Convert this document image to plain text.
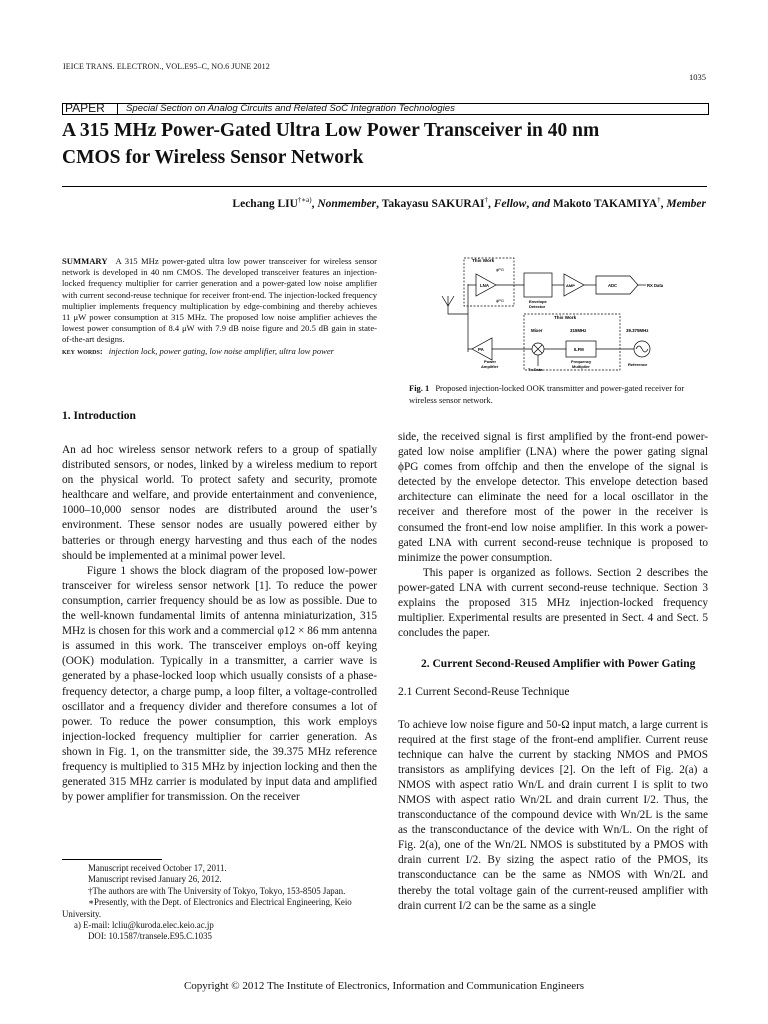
IEICE TRANS. ELECTRON., VOL.E95–C, NO.6 JUNE 2012
1035
PAPER Special Section on Analog Circuits and Related SoC Integration Technologies
A 315 MHz Power-Gated Ultra Low Power Transceiver in 40 nm
CMOS for Wireless Sensor Network
Lechang $LIU^{\dagger∗a)}$, Nonmember, Takayasu SAKURAI†, Fellow, and Makoto TAKAMIYA†, Member
SUMMARY A 315 MHz power-gated ultra low power transceiver for wireless sensor network is developed in 40 nm CMOS. The developed transceiver features an injection-locked frequency multiplier for carrier generation and a power-gated low noise amplifier with current second-reuse technique for receiver front-end. The injection-locked frequency multiplier implements frequency multiplication by edge-combining and thereby achieves 11 μW power consumption at 315 MHz. The proposed low noise amplifier achieves the lowest power consumption of 8.4 μW with 7.9 dB noise figure and 20.5 dB gain in state-of-the-art designs.
key words: injection lock, power gating, low noise amplifier, ultra low power
1. Introduction

An ad hoc wireless sensor network refers to a group of spatially distributed sensors, or nodes, linked by a wireless medium to report on the physical world. To protect safety and security, promote healthcare and welfare, and provide entertainment and convenience, 1000–10,000 sensor nodes are distributed around the user’s environment. These sensor nodes are usually powered either by batteries or through energy harvesting and thus each of the nodes should be implemented at a minimal power level.

Figure 1 shows the block diagram of the proposed low-power transceiver for wireless sensor network [1]. To reduce the power consumption, carrier frequency should be as low as possible. Due to the well-known fundamental limits of antenna miniaturization, 315 MHz is chosen for this work and a commercial φ12 × 86 mm antenna is assumed in this work. The transceiver employs on-off keying (OOK) modulation. Typically in a transmitter, a carrier wave is generated by a phase-locked loop which usually consists of a phase-frequency detector, a charge pump, a loop filter, a voltage-controlled oscillator and a frequency divider and therefore consumes a lot of power. To reduce the power consumption, this work employs injection-locked frequency multiplier for carrier generation. As shown in Fig. 1, on the transmitter side, the 39.375 MHz reference frequency is multiplied to 315 MHz by injection locking and then the generated 315 MHz carrier is modulated by input data and amplified by power amplifier for transmission. On the receiver

Manuscript received October 17, 2011.
Manuscript revised January 26, 2012.
†The authors are with The University of Tokyo, Tokyo, 153-8505 Japan.
∗Presently, with the Dept. of Electronics and Electrical Engineering, Keio University.
a) E-mail: lcliu@kuroda.elec.keio.ac.jp
DOI: 10.1587/transele.E95.C.1035
This Work
LNA
ϕPG
ϕPG	Envelope
Detector
AMP	ADC	RX Data
This Work
Mixer	315MHz	39.375MHz
ILFM
PA
Power
Amplifier
Tx Data
Frequency
Multiplier	Reference
Fig. 1 Proposed injection-locked OOK transmitter and power-gated receiver for wireless sensor network.

side, the received signal is first amplified by the front-end power-gated low noise amplifier (LNA) where the power gating signal ϕPG comes from offchip and then the envelope of the signal is detected by the envelope detector. This envelope detection based architecture can eliminate the need for a local oscillator in the receiver and therefore most of the power in the receiver is consumed the front-end low noise amplifier. In this work a power-gated LNA with current second-reuse technique is proposed to minimize the power consumption.

This paper is organized as follows. Section 2 describes the power-gated LNA with current second-reuse technique. Section 3 explains the proposed 315 MHz injection-locked frequency multiplier. Experimental results are presented in Sect. 4 and Sect. 5 concludes the paper.

2. Current Second-Reused Amplifier with Power Gating
2.1 Current Second-Reuse Technique

To achieve low noise figure and 50-Ω input match, a large current is required at the first stage of the front-end amplifier. Current reuse technique can halve the current by stacking NMOS and PMOS transistors as amplifying devices [2]. On the left of Fig. 2(a) a NMOS with aspect ratio Wn/L and drain current I is split to two NMOS with aspect ratio Wn/2L and drain current I/2. Thus, the transconductance of the compound device with Wn/2L is the same as the transconductance of the device with Wn/L. On the right of Fig. 2(a), one of the Wn/2L NMOS is substituted by a PMOS with drain current I/2. By sizing the aspect ratio of the PMOS, its transconductance can be the same as NMOS with Wn/2L and thereby the total voltage gain of the current-reused amplifier with drain current I/2 can be the same as a single

Copyright © 2012 The Institute of Electronics, Information and Communication Engineers
